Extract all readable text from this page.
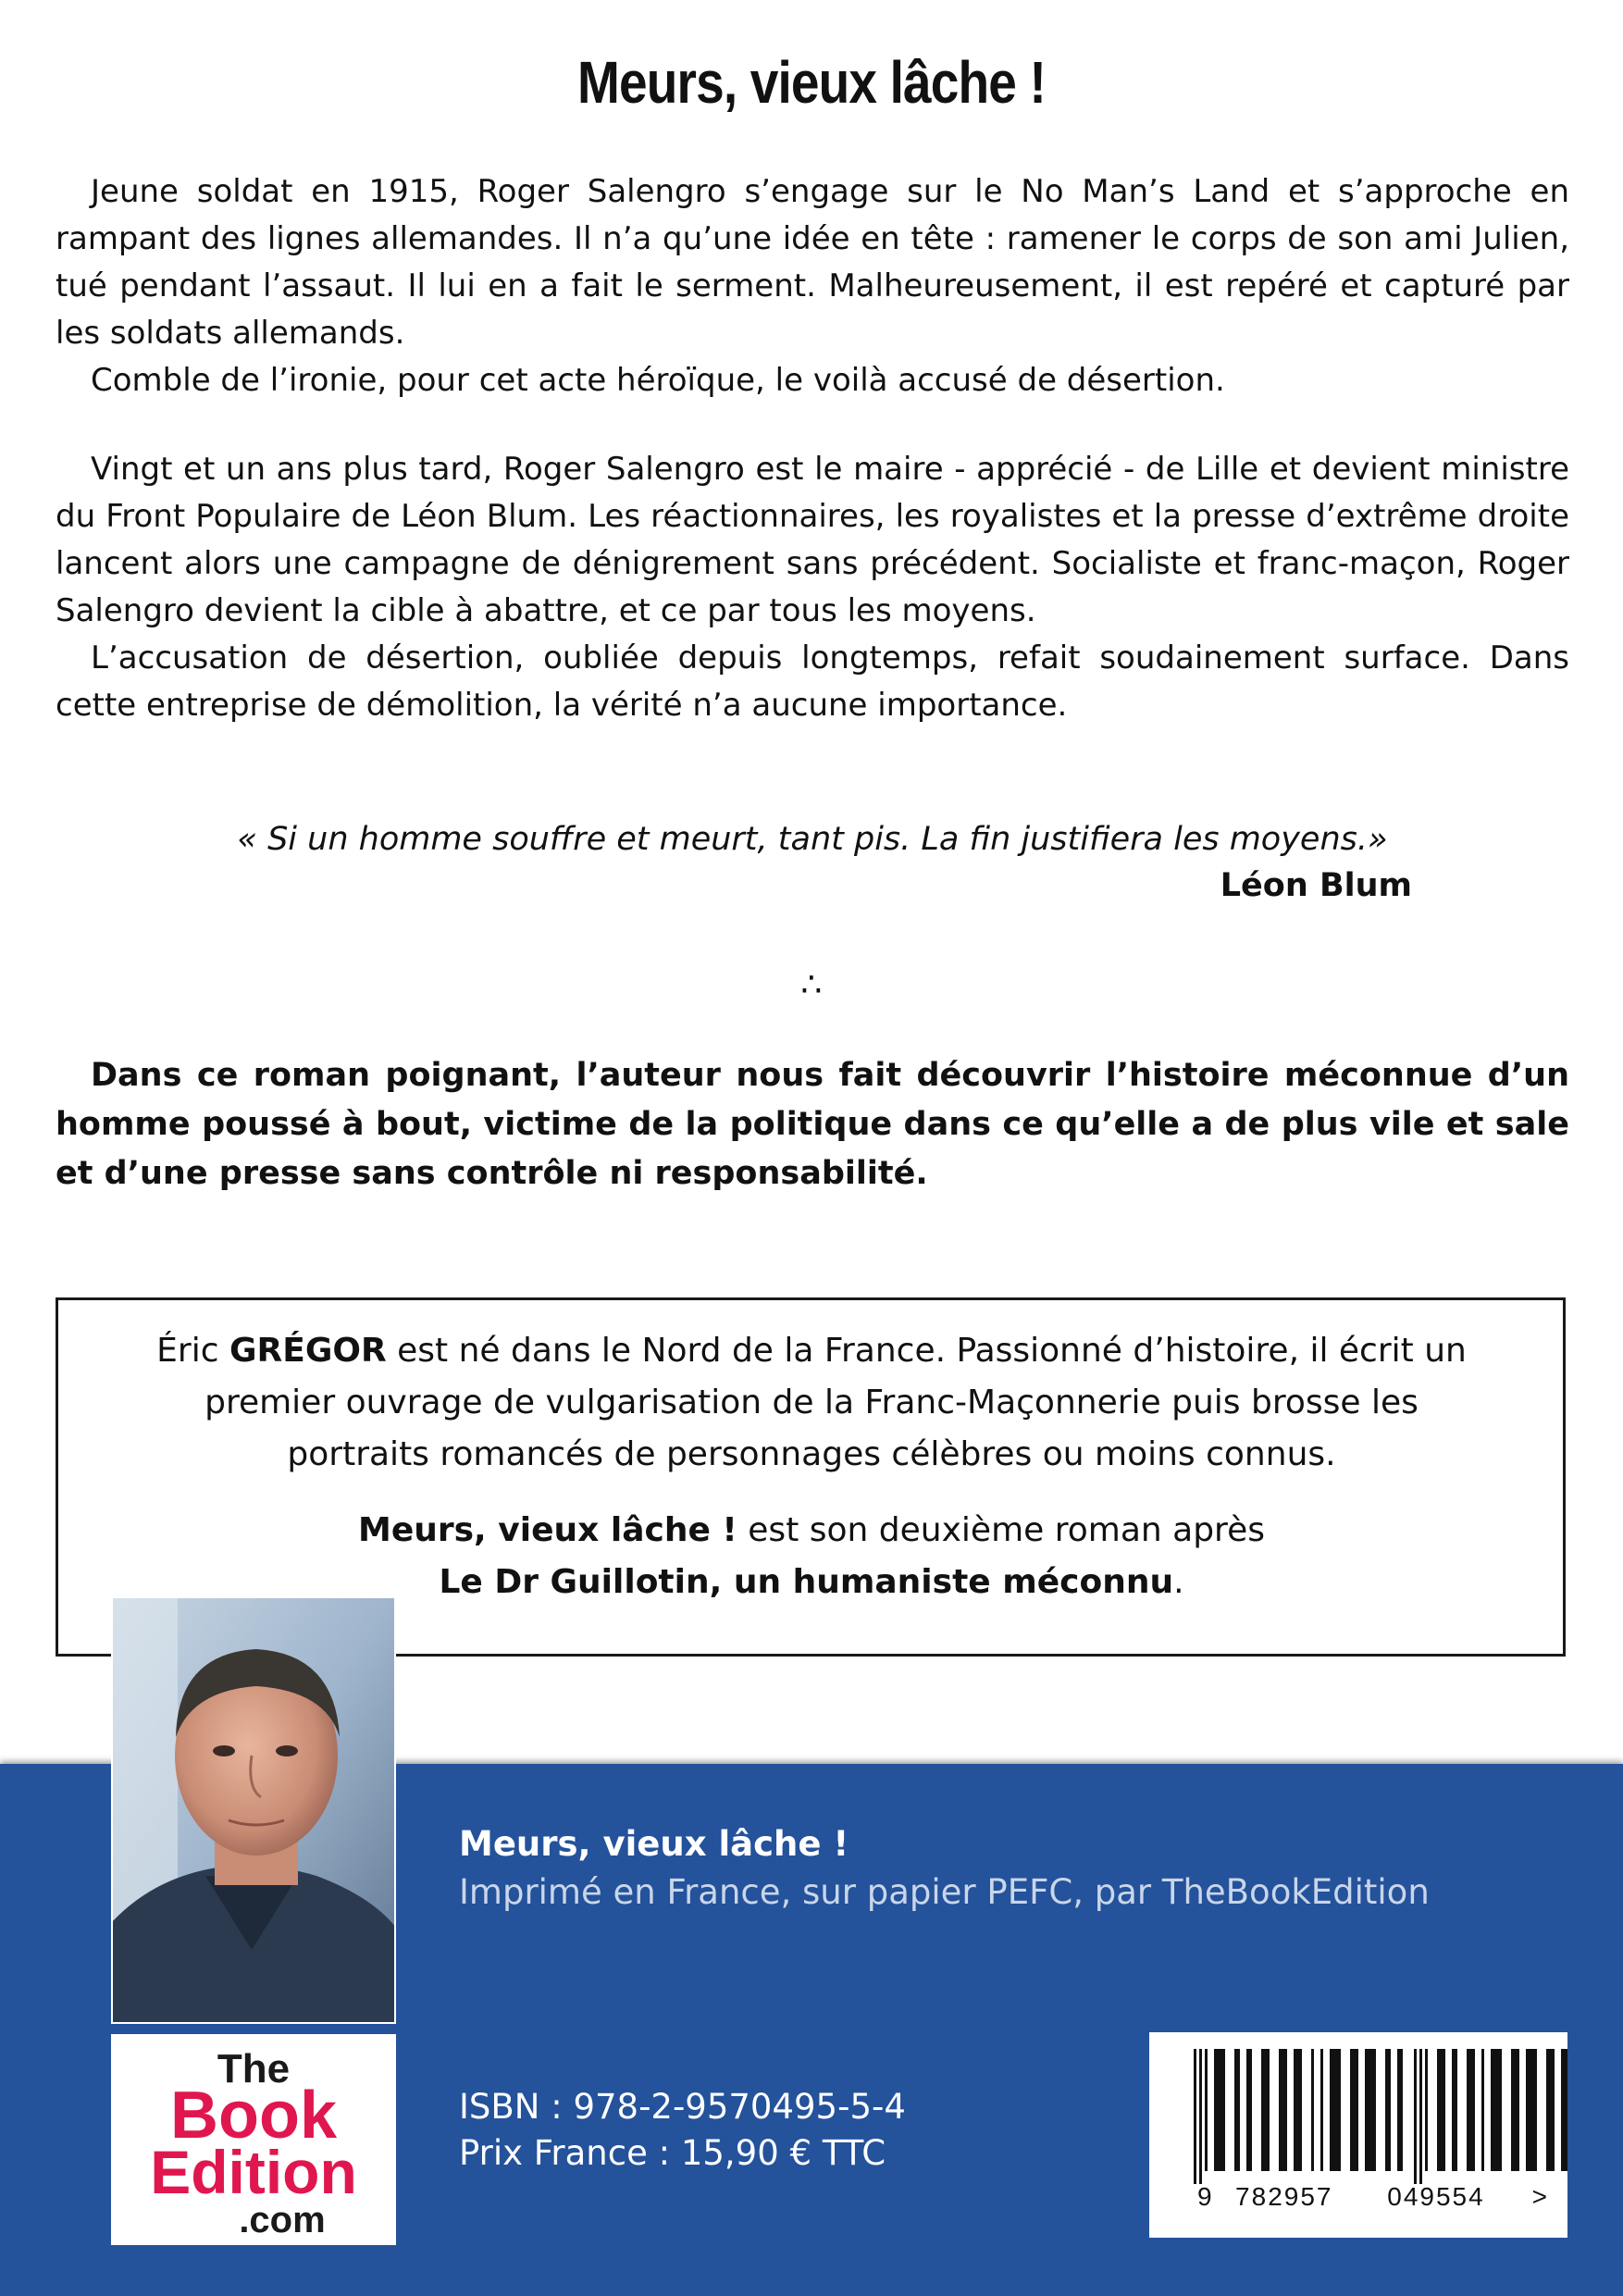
Meurs, vieux lâche !

Jeune soldat en 1915, Roger Salengro s’engage sur le No Man’s Land et s’approche en rampant des lignes allemandes. Il n’a qu’une idée en tête : ramener le corps de son ami Julien, tué pendant l’assaut. Il lui en a fait le serment. Malheureusement, il est repéré et capturé par les soldats allemands.

Comble de l’ironie, pour cet acte héroïque, le voilà accusé de désertion.

Vingt et un ans plus tard, Roger Salengro est le maire - apprécié - de Lille et devient ministre du Front Populaire de Léon Blum. Les réactionnaires, les royalistes et la presse d’extrême droite lancent alors une campagne de dénigrement sans précédent. Socialiste et franc-maçon, Roger Salengro devient la cible à abattre, et ce par tous les moyens.

L’accusation de désertion, oubliée depuis longtemps, refait soudainement surface. Dans cette entreprise de démolition, la vérité n’a aucune importance.

« Si un homme souffre et meurt, tant pis. La fin justifiera les moyens.»
Léon Blum
∴

Dans ce roman poignant, l’auteur nous fait découvrir l’histoire méconnue d’un homme poussé à bout, victime de la politique dans ce qu’elle a de plus vile et sale et d’une presse sans contrôle ni responsabilité.

Éric GRÉGOR est né dans le Nord de la France. Passionné d’histoire, il écrit un premier ouvrage de vulgarisation de la Franc-Maçonnerie puis brosse les portraits romancés de personnages célèbres ou moins connus.

Meurs, vieux lâche ! est son deuxième roman après
Le Dr Guillotin, un humaniste méconnu.

The
Book
Edition
.com
Meurs, vieux lâche !
Imprimé en France, sur papier PEFC, par TheBookEdition
ISBN : 978-2-9570495-5-4
Prix France : 15,90 € TTC
9 782957	049554	>
